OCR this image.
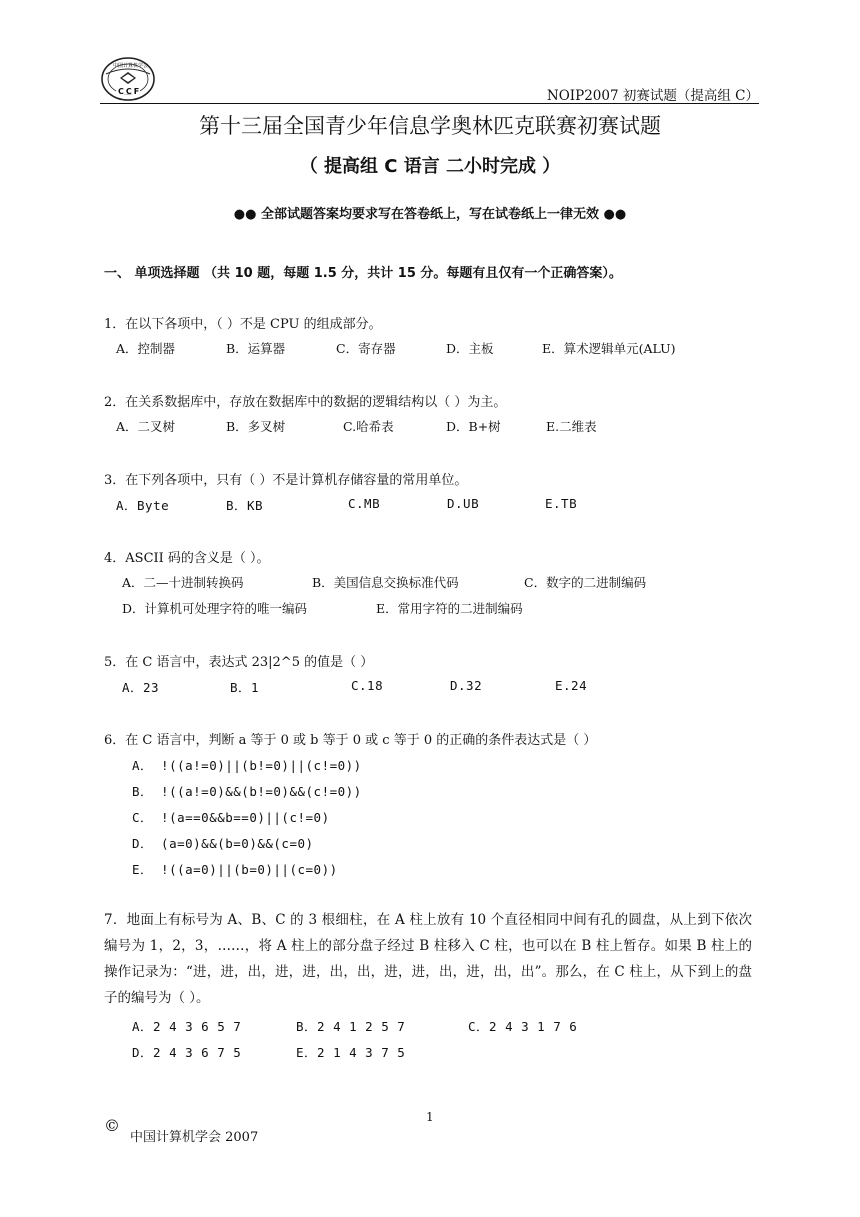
中国计算机学会
CCF	NOIP2007 初赛试题（提高组 C）
第十三届全国青少年信息学奥林匹克联赛初赛试题
（ 提高组 C 语言 二小时完成 ）
●● 全部试题答案均要求写在答卷纸上，写在试卷纸上一律无效 ●●
一、 单项选择题 （共 10 题，每题 1.5 分，共计 15 分。每题有且仅有一个正确答案）。
1．在以下各项中，（ ）不是 CPU 的组成部分。
A．控制器	B．运算器	C．寄存器	D．主板	E．算术逻辑单元(ALU)
2．在关系数据库中，存放在数据库中的数据的逻辑结构以（ ）为主。
A．二叉树	B．多叉树	C.哈希表	D．B+树	E.二维表
3．在下列各项中，只有（ ）不是计算机存储容量的常用单位。
A．Byte	B．KB	C.MB	D.UB	E.TB
4．ASCII 码的含义是（ ）。
A．二—十进制转换码	B．美国信息交换标准代码	C．数字的二进制编码
D．计算机可处理字符的唯一编码	E．常用字符的二进制编码
5．在 C 语言中，表达式 23|2^5 的值是（ ）
A．23	B．1	C.18	D.32	E.24
6．在 C 语言中，判断 a 等于 0 或 b 等于 0 或 c 等于 0 的正确的条件表达式是（ ）
A． !((a!=0)||(b!=0)||(c!=0))
B． !((a!=0)&&(b!=0)&&(c!=0))
C． !(a==0&&b==0)||(c!=0)
D． (a=0)&&(b=0)&&(c=0)
E． !((a=0)||(b=0)||(c=0))
7．地面上有标号为 A、B、C 的 3 根细柱，在 A 柱上放有 10 个直径相同中间有孔的圆盘，从上到下依次编号为 1，2，3，……，将 A 柱上的部分盘子经过 B 柱移入 C 柱，也可以在 B 柱上暂存。如果 B 柱上的操作记录为：“进，进，出，进，进，出，出，进，进，出，进，出，出”。那么，在 C 柱上，从下到上的盘子的编号为（ ）。
A．2 4 3 6 5 7	B．2 4 1 2 5 7	C．2 4 3 1 7 6
D．2 4 3 6 7 5	E．2 1 4 3 7 5
1
©
中国计算机学会 2007
